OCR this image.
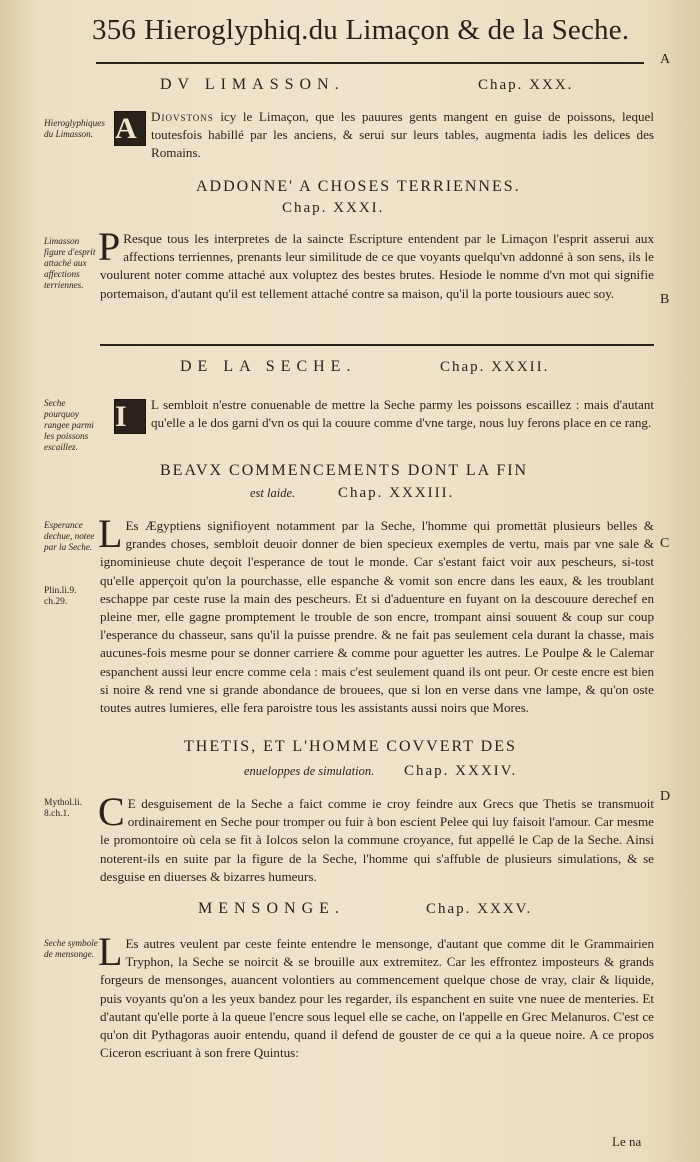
356 Hieroglyphiq.du Limaçon & de la Seche.
A
B
C
D
DV LIMASSON.	Chap. XXX.
Hieroglyphiques du Limasson. A	Diovstons icy le Limaçon, que les pauures gents mangent en guise de poissons, lequel toutesfois habillé par les anciens, & serui sur leurs tables, augmenta iadis les delices des Romains.

ADDONNE' A CHOSES TERRIENNES.
Chap. XXXI.
Limasson figure d'esprit attaché aux affections terriennes.

P Resque tous les interpretes de la saincte Escripture entendent par le Limaçon l'esprit asserui aux affections terriennes, prenants leur similitude de ce que voyants quelqu'vn addonné à son sens, ils le voulurent noter comme attaché aux voluptez des bestes brutes. Hesiode le nomme d'vn mot qui signifie portemaison, d'autant qu'il est tellement attaché contre sa maison, qu'il la porte tousiours auec soy.

DE LA SECHE.	Chap. XXXII.
Seche pourquoy rangee parmi les poissons escaillez.

I	L sembloit n'estre conuenable de mettre la Seche parmy les poissons escaillez : mais d'autant qu'elle a le dos garni d'vn os qui la couure comme d'vne targe, nous luy ferons place en ce rang.

BEAVX COMMENCEMENTS DONT LA FIN
est laide.	Chap. XXXIII.
Esperance dechue, notee par la Seche.
Plin.li.9. ch.29.

L Es Ægyptiens signifioyent notamment par la Seche, l'homme qui promettāt plusieurs belles & grandes choses, sembloit deuoir donner de bien specieux exemples de vertu, mais par vne sale & ignominieuse chute deçoit l'esperance de tout le monde. Car s'estant faict voir aux pescheurs, si-tost qu'elle apperçoit qu'on la pourchasse, elle espanche & vomit son encre dans les eaux, & les troublant eschappe par ceste ruse la main des pescheurs. Et si d'aduenture en fuyant on la descouure derechef en pleine mer, elle gagne promptement le trouble de son encre, trompant ainsi souuent & coup sur coup l'esperance du chasseur, sans qu'il la puisse prendre. & ne fait pas seulement cela durant la chasse, mais aucunes-fois mesme pour se donner carriere & comme pour aguetter les autres. Le Poulpe & le Calemar espanchent aussi leur encre comme cela : mais c'est seulement quand ils ont peur. Or ceste encre est bien si noire & rend vne si grande abondance de brouees, que si lon en verse dans vne lampe, & qu'on oste toutes autres lumieres, elle fera paroistre tous les assistants aussi noirs que Mores.

THETIS, ET L'HOMME COVVERT DES
enueloppes de simulation. Chap. XXXIV.
Mythol.li. 8.ch.1. C E desguisement de la Seche a faict comme ie croy feindre aux Grecs que Thetis se transmuoit ordinairement en Seche pour tromper ou fuir à bon escient Pelee qui luy faisoit l'amour. Car mesme le promontoire où cela se fit à Iolcos selon la commune croyance, fut appellé le Cap de la Seche. Ainsi noterent-ils en suite par la figure de la Seche, l'homme qui s'affuble de plusieurs simulations, & se desguise en diuerses & bizarres humeurs.

MENSONGE.	Chap. XXXV.
Seche symbole de mensonge. L Es autres veulent par ceste feinte entendre le mensonge, d'autant que comme dit le Grammairien Tryphon, la Seche se noircit & se brouille aux extremitez. Car les effrontez imposteurs & grands forgeurs de mensonges, auancent volontiers au commencement quelque chose de vray, clair & liquide, puis voyants qu'on a les yeux bandez pour les regarder, ils espanchent en suite vne nuee de menteries. Et d'autant qu'elle porte à la queue l'encre sous lequel elle se cache, on l'appelle en Grec Melanuros. C'est ce qu'on dit Pythagoras auoir entendu, quand il defend de gouster de ce qui a la queue noire. A ce propos Ciceron escriuant à son frere Quintus:

Le na
